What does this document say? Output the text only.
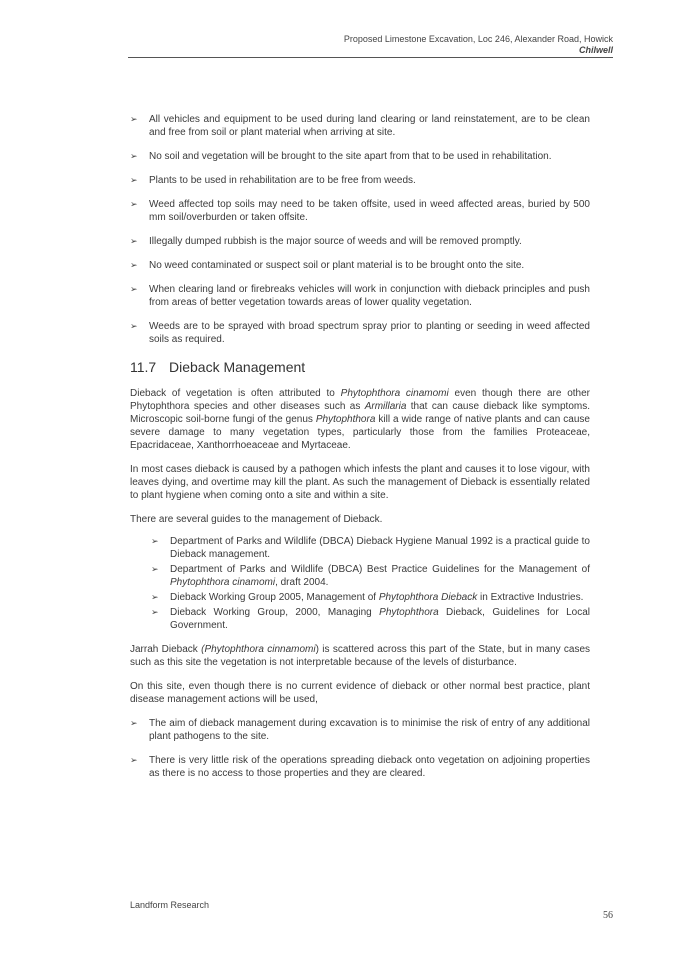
Proposed Limestone Excavation, Loc 246, Alexander Road, Howick
Chilwell
➢ All vehicles and equipment to be used during land clearing or land reinstatement, are to be clean and free from soil or plant material when arriving at site.
➢ No soil and vegetation will be brought to the site apart from that to be used in rehabilitation.
➢ Plants to be used in rehabilitation are to be free from weeds.
➢ Weed affected top soils may need to be taken offsite, used in weed affected areas, buried by 500 mm soil/overburden or taken offsite.
➢ Illegally dumped rubbish is the major source of weeds and will be removed promptly.
➢ No weed contaminated or suspect soil or plant material is to be brought onto the site.
➢ When clearing land or firebreaks vehicles will work in conjunction with dieback principles and push from areas of better vegetation towards areas of lower quality vegetation.
➢ Weeds are to be sprayed with broad spectrum spray prior to planting or seeding in weed affected soils as required.
11.7 Dieback Management

Dieback of vegetation is often attributed to Phytophthora cinamomi even though there are other Phytophthora species and other diseases such as Armillaria that can cause dieback like symptoms. Microscopic soil-borne fungi of the genus Phytophthora kill a wide range of native plants and can cause severe damage to many vegetation types, particularly those from the families Proteaceae, Epacridaceae, Xanthorrhoeaceae and Myrtaceae.

In most cases dieback is caused by a pathogen which infests the plant and causes it to lose vigour, with leaves dying, and overtime may kill the plant. As such the management of Dieback is essentially related to plant hygiene when coming onto a site and within a site.

There are several guides to the management of Dieback.

➢ Department of Parks and Wildlife (DBCA) Dieback Hygiene Manual 1992 is a practical guide to Dieback management.
➢ Department of Parks and Wildlife (DBCA) Best Practice Guidelines for the Management of Phytophthora cinamomi, draft 2004.
➢ Dieback Working Group 2005, Management of Phytophthora Dieback in Extractive Industries.
➢ Dieback Working Group, 2000, Managing Phytophthora Dieback, Guidelines for Local Government.

Jarrah Dieback (Phytophthora cinnamomi) is scattered across this part of the State, but in many cases such as this site the vegetation is not interpretable because of the levels of disturbance.

On this site, even though there is no current evidence of dieback or other normal best practice, plant disease management actions will be used,

➢ The aim of dieback management during excavation is to minimise the risk of entry of any additional plant pathogens to the site.
➢ There is very little risk of the operations spreading dieback onto vegetation on adjoining properties as there is no access to those properties and they are cleared.
Landform Research
56
